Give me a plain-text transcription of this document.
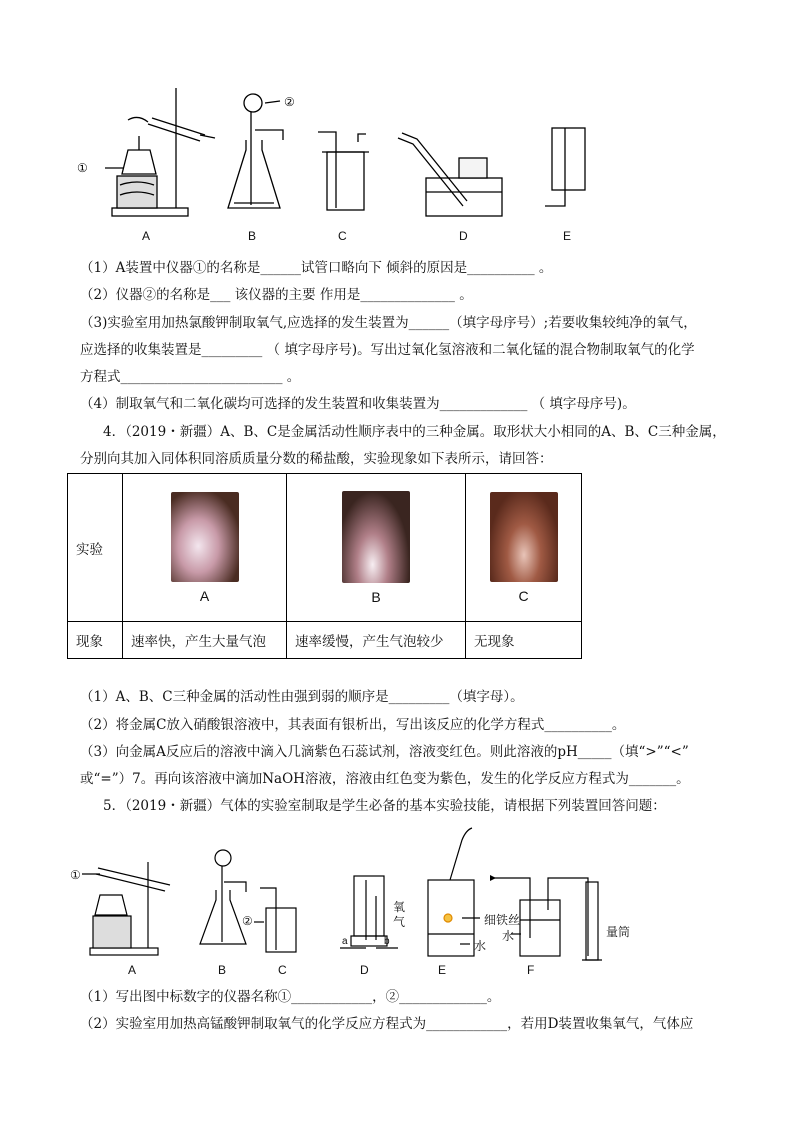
①
②
A	B	C	D	E
（1）A装置中仪器①的名称是______试管口略向下 倾斜的原因是__________ 。
（2）仪器②的名称是___ 该仪器的主要 作用是______________ 。
（3)实验室用加热氯酸钾制取氧气,应选择的发生装置为______（填字母序号）;若要收集较纯净的氧气，
应选择的收集装置是_________ （ 填字母序号)。写出过氧化氢溶液和二氧化锰的混合物制取氧气的化学
方程式________________________ 。
（4）制取氧气和二氧化碳均可选择的发生装置和收集装置为_____________ （ 填字母序号)。
4．（2019・新疆）A、B、C是金属活动性顺序表中的三种金属。取形状大小相同的A、B、C三种金属，
分别向其加入同体积同溶质质量分数的稀盐酸，实验现象如下表所示，请回答：
实验	A	B	C

现象	速率快，产生大量气泡	速率缓慢，产生气泡较少	无现象
（1）A、B、C三种金属的活动性由强到弱的顺序是_________（填字母）。
（2）将金属C放入硝酸银溶液中，其表面有银析出，写出该反应的化学方程式__________。
（3）向金属A反应后的溶液中滴入几滴紫色石蕊试剂，溶液变红色。则此溶液的pH_____（填“>”“<”
或“=”）7。再向该溶液中滴加NaOH溶液，溶液由红色变为紫色，发生的化学反应方程式为_______。
5．（2019・新疆）气体的实验室制取是学生必备的基本实验技能，请根据下列装置回答问题：
①
②
a	b
氧气	细铁丝
水
水	量筒
A	B	C	D	E	F
（1）写出图中标数字的仪器名称①____________，②_____________。
（2）实验室用加热高锰酸钾制取氧气的化学反应方程式为____________，若用D装置收集氧气，气体应
